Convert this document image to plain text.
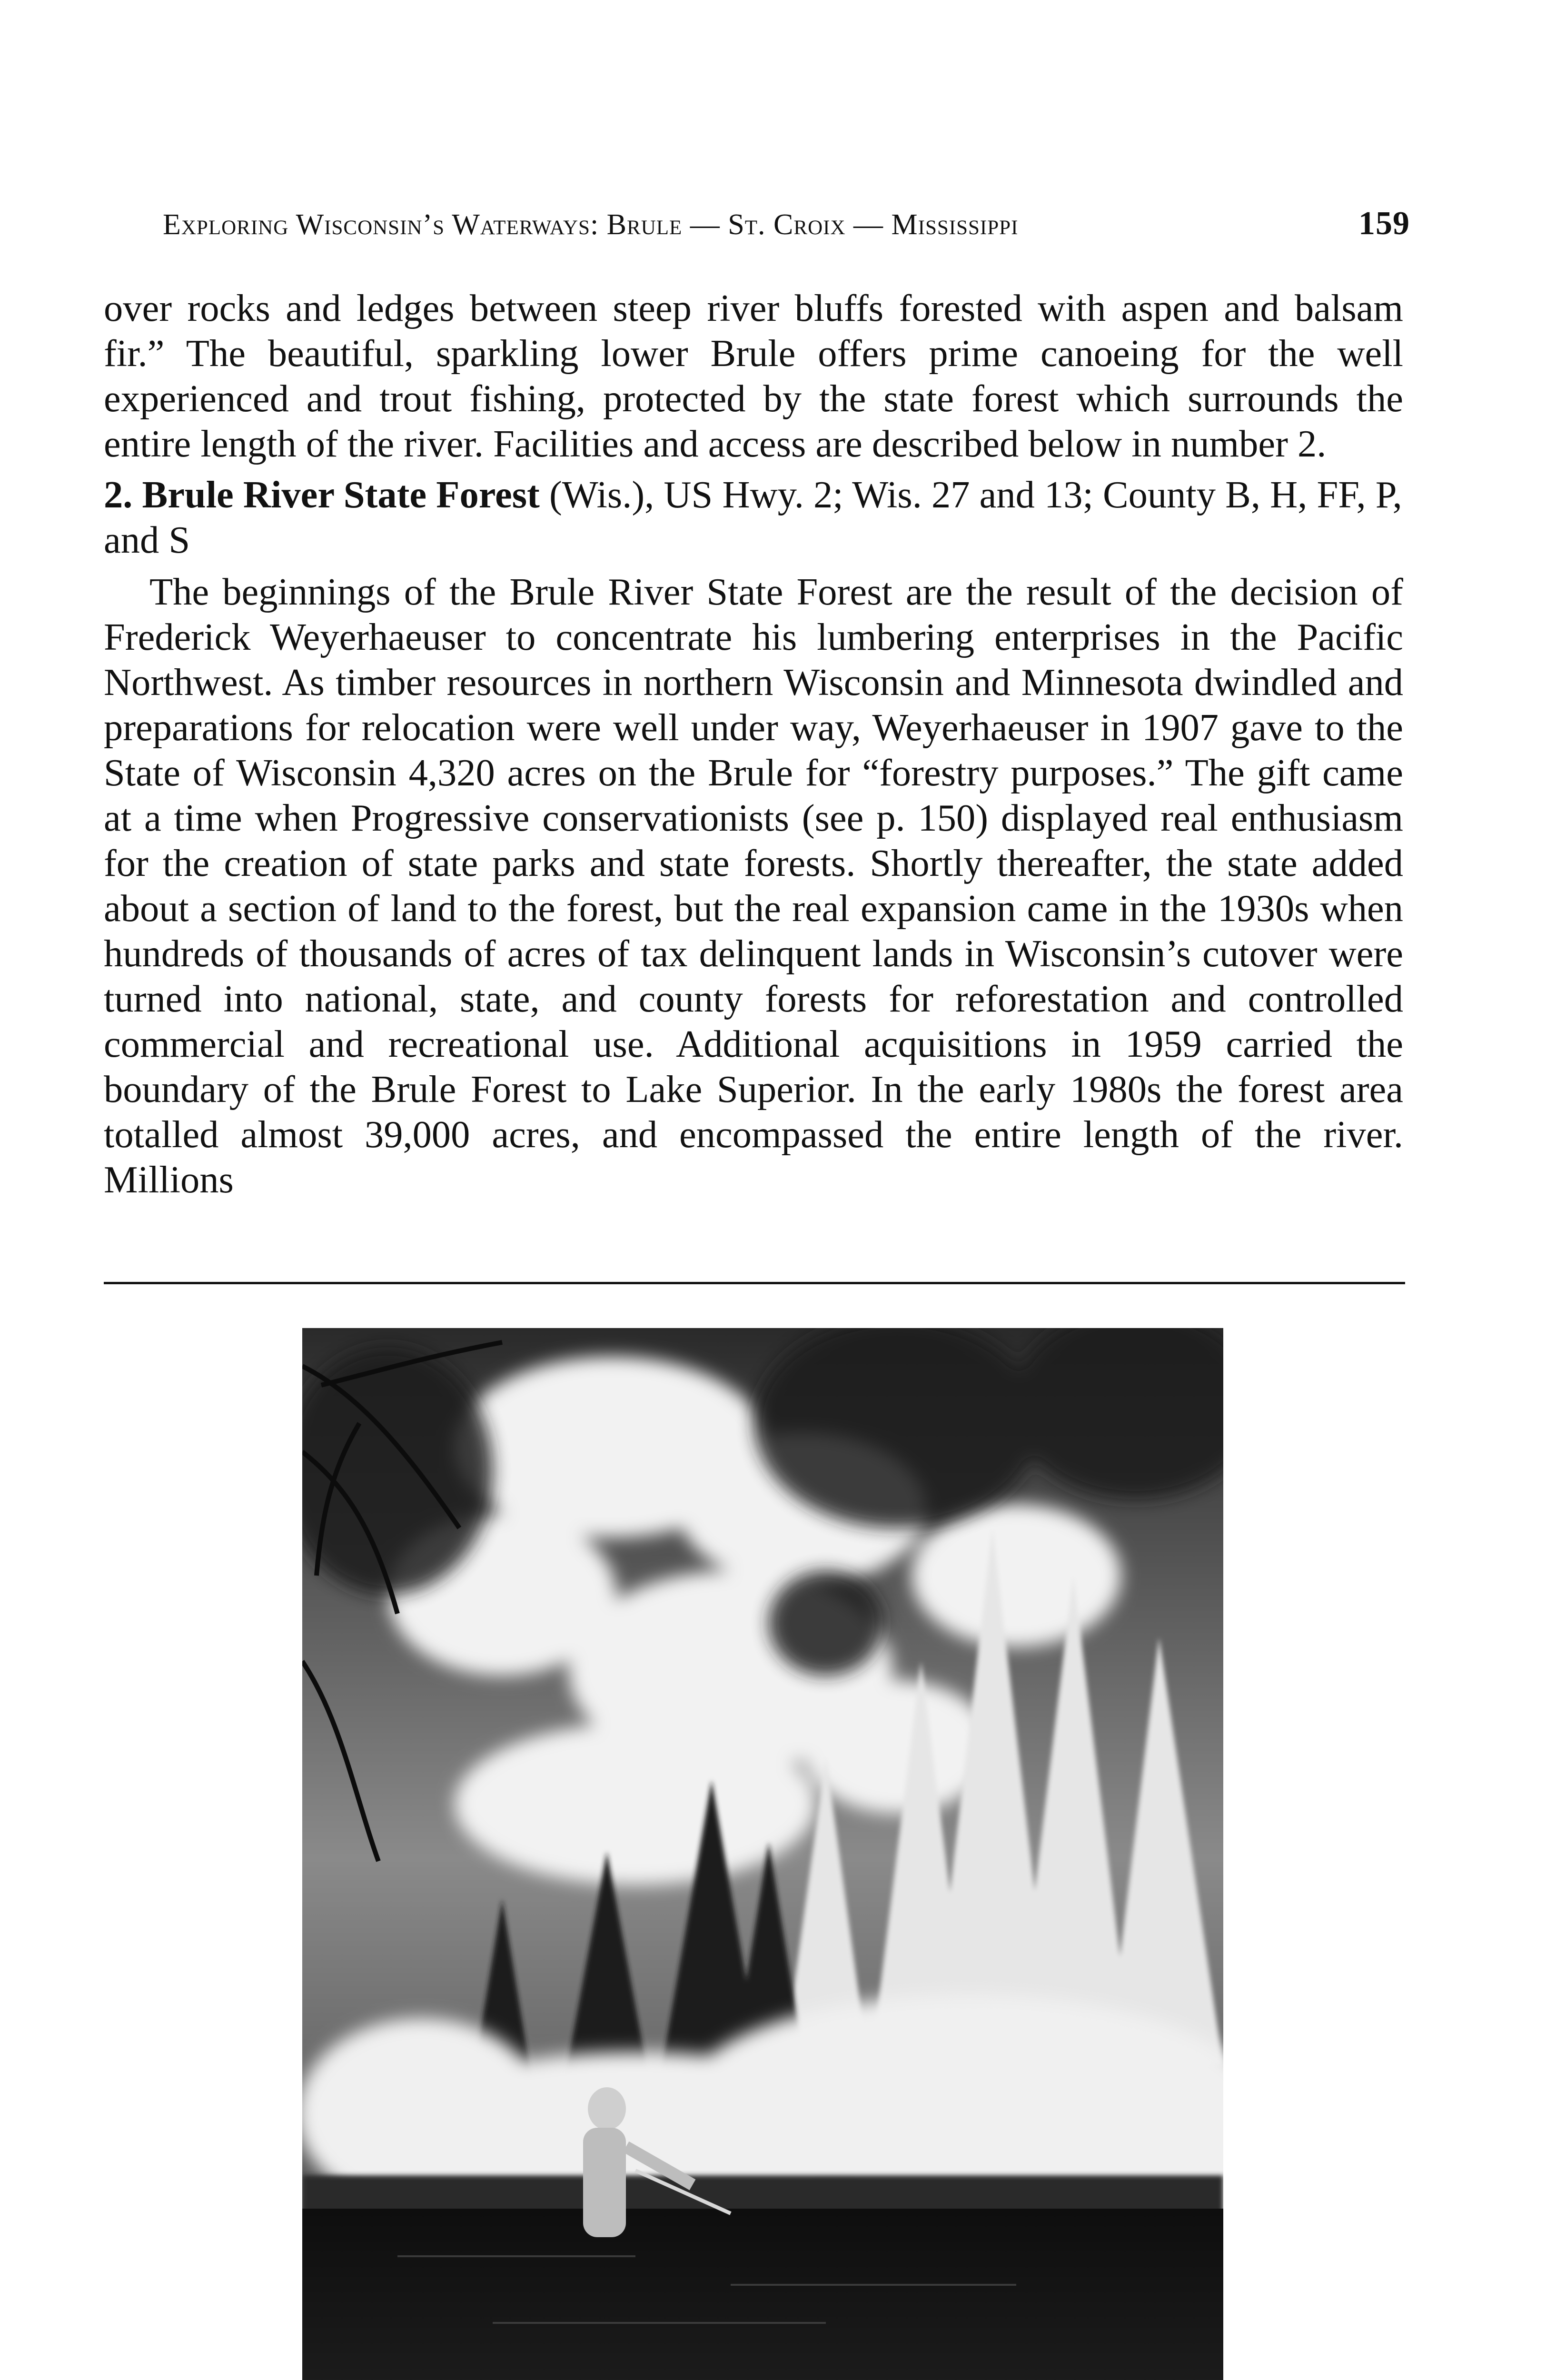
Exploring Wisconsin’s Waterways: Brule — St. Croix — Mississippi	159

over rocks and ledges between steep river bluffs forested with aspen and balsam fir.” The beautiful, sparkling lower Brule offers prime canoeing for the well experienced and trout fishing, protected by the state forest which surrounds the entire length of the river. Facilities and access are described below in number 2.

2. Brule River State Forest (Wis.), US Hwy. 2; Wis. 27 and 13; County B, H, FF, P, and S

The beginnings of the Brule River State Forest are the result of the decision of Frederick Weyerhaeuser to concentrate his lumbering enterprises in the Pacific Northwest. As timber resources in northern Wisconsin and Minnesota dwindled and preparations for relocation were well under way, Weyerhaeuser in 1907 gave to the State of Wisconsin 4,320 acres on the Brule for “forestry purposes.” The gift came at a time when Progressive conservationists (see p. 150) displayed real enthusiasm for the creation of state parks and state forests. Shortly thereafter, the state added about a section of land to the forest, but the real expansion came in the 1930s when hundreds of thousands of acres of tax delinquent lands in Wisconsin’s cutover were turned into national, state, and county forests for reforestation and controlled commercial and recreational use. Additional acquisitions in 1959 carried the boundary of the Brule Forest to Lake Superior. In the early 1980s the forest area totalled almost 39,000 acres, and encompassed the entire length of the river. Millions
